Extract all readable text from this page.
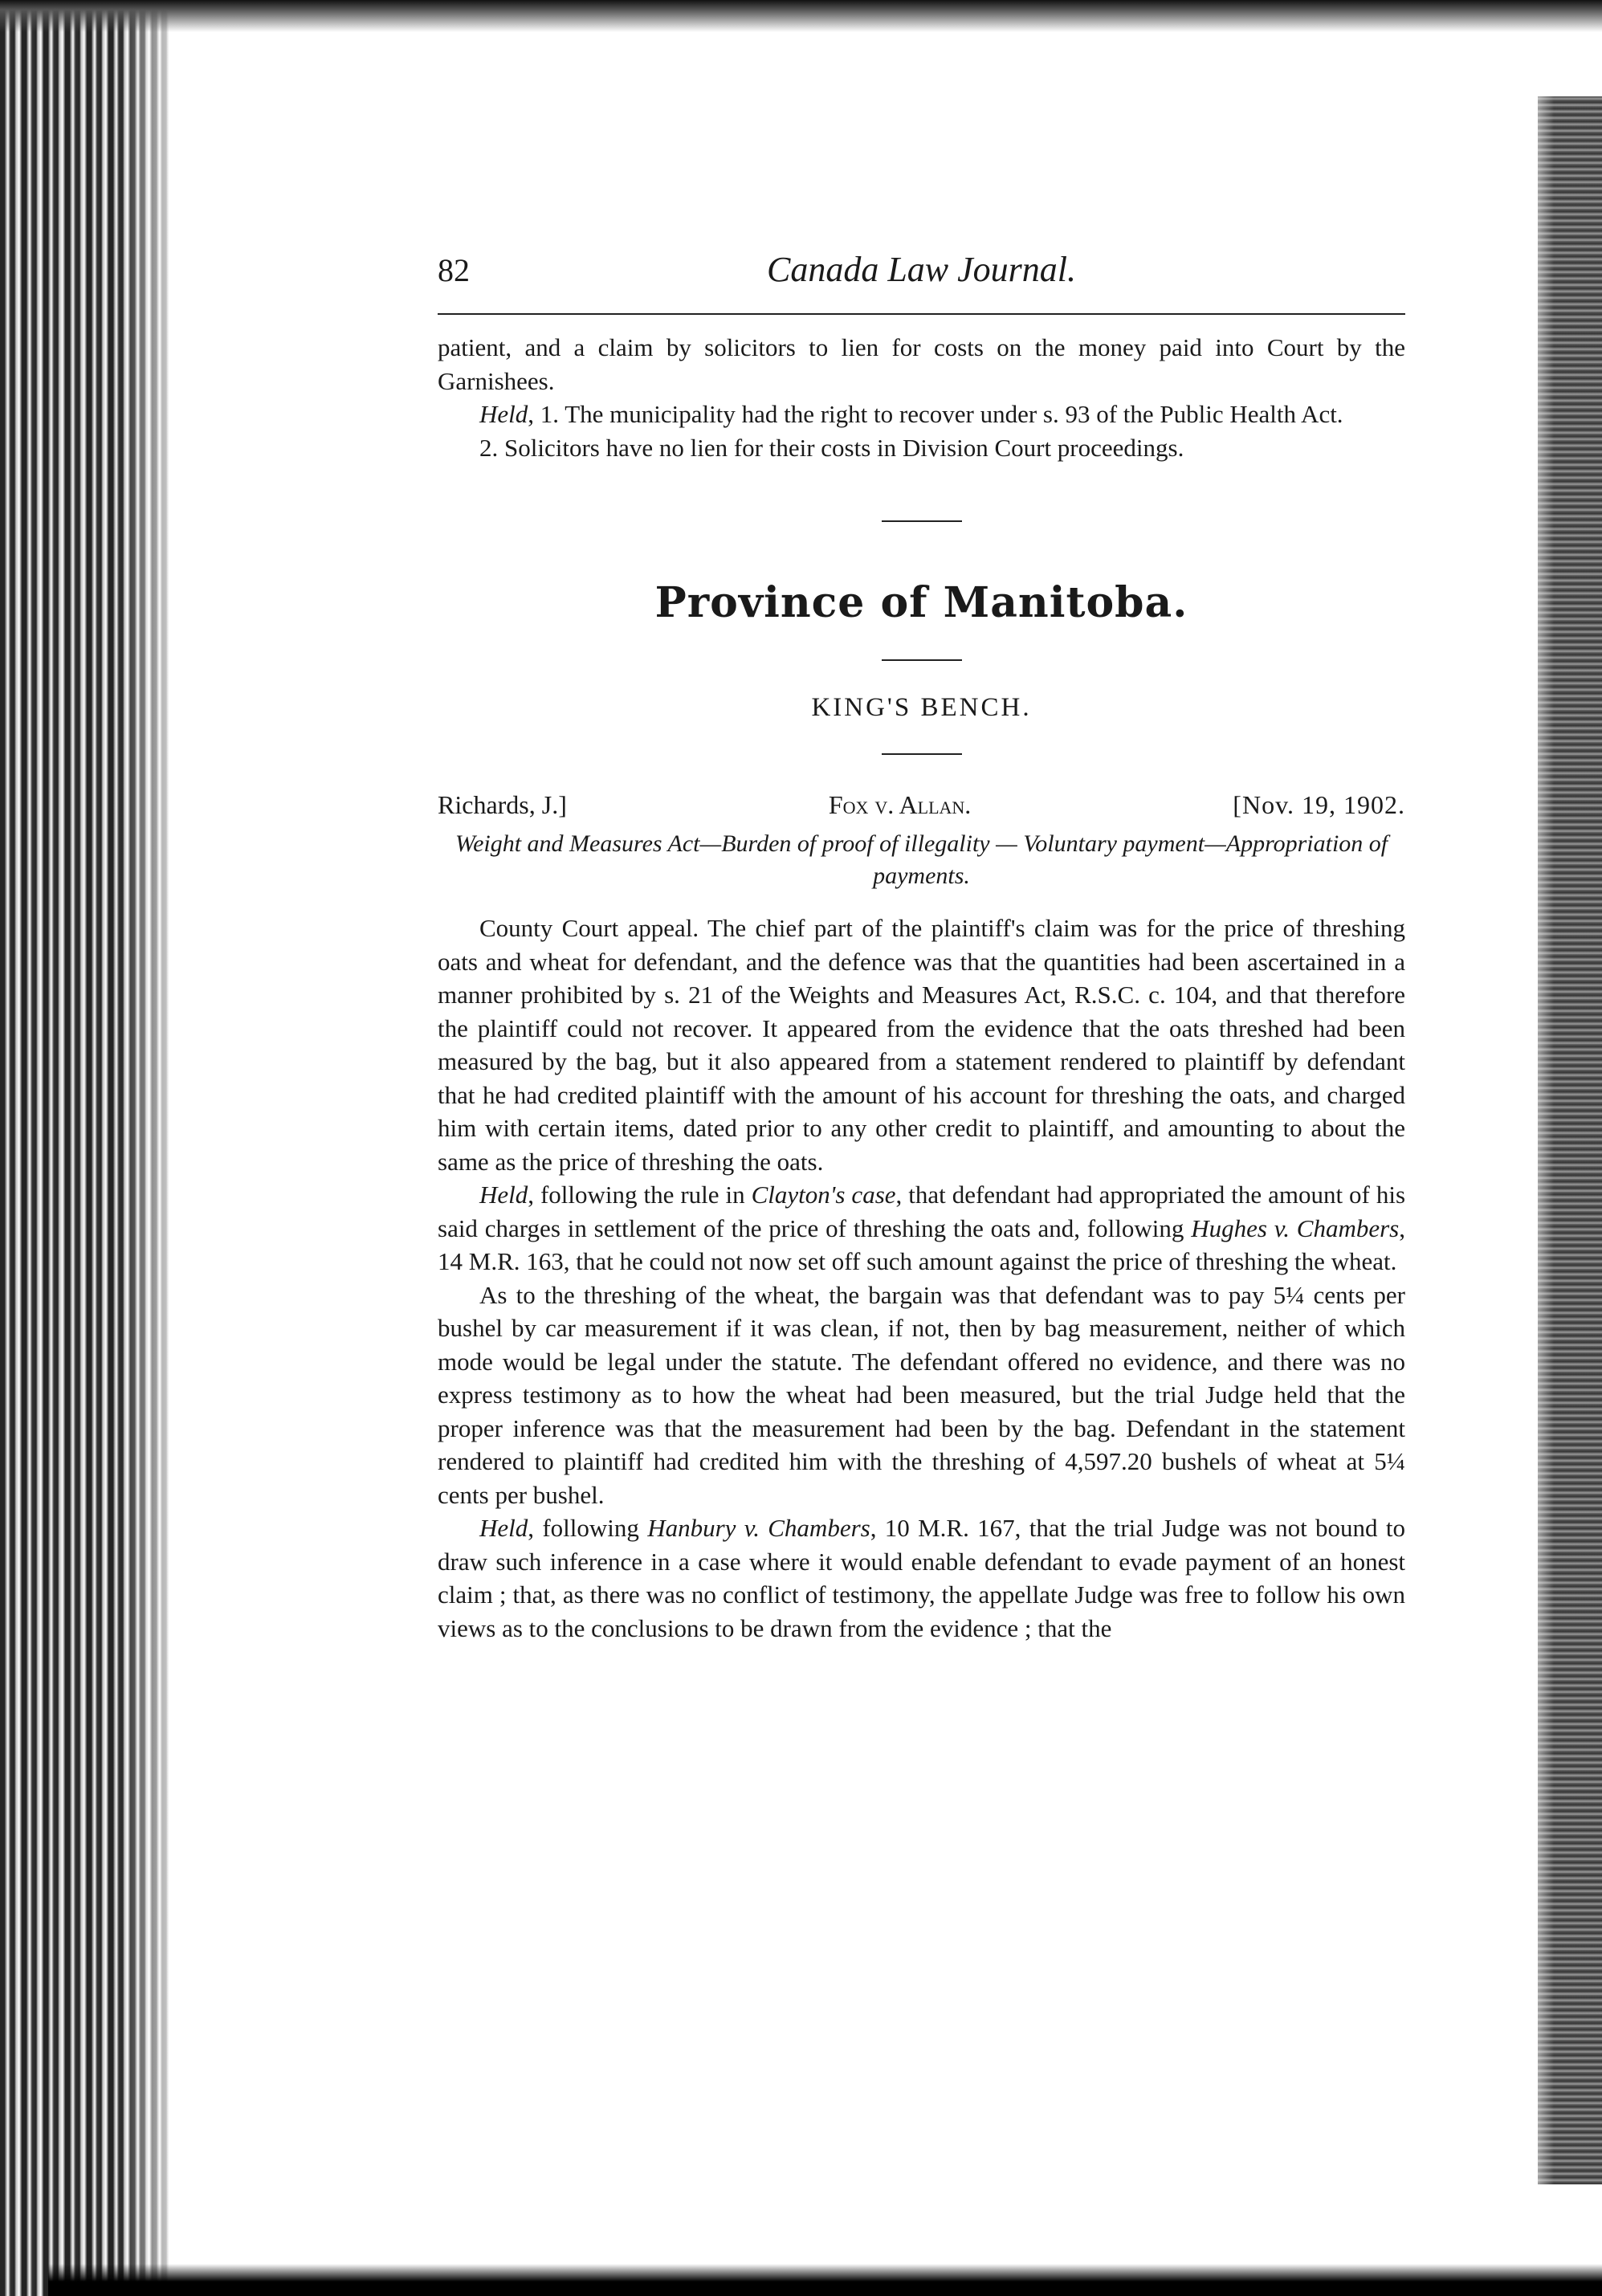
82	Canada Law Journal.

patient, and a claim by solicitors to lien for costs on the money paid into Court by the Garnishees.

Held, 1. The municipality had the right to recover under s. 93 of the Public Health Act.

2. Solicitors have no lien for their costs in Division Court proceedings.

Province of Manitoba.

KING'S BENCH.

Richards, J.]	Fox v. Allan.	[Nov. 19, 1902.

Weight and Measures Act—Burden of proof of illegality — Voluntary payment—Appropriation of payments.

County Court appeal. The chief part of the plaintiff's claim was for the price of threshing oats and wheat for defendant, and the defence was that the quantities had been ascertained in a manner prohibited by s. 21 of the Weights and Measures Act, R.S.C. c. 104, and that therefore the plaintiff could not recover. It appeared from the evidence that the oats threshed had been measured by the bag, but it also appeared from a statement rendered to plaintiff by defendant that he had credited plaintiff with the amount of his account for threshing the oats, and charged him with certain items, dated prior to any other credit to plaintiff, and amounting to about the same as the price of threshing the oats.

Held, following the rule in Clayton's case, that defendant had appropriated the amount of his said charges in settlement of the price of threshing the oats and, following Hughes v. Chambers, 14 M.R. 163, that he could not now set off such amount against the price of threshing the wheat.

As to the threshing of the wheat, the bargain was that defendant was to pay 5¼ cents per bushel by car measurement if it was clean, if not, then by bag measurement, neither of which mode would be legal under the statute. The defendant offered no evidence, and there was no express testimony as to how the wheat had been measured, but the trial Judge held that the proper inference was that the measurement had been by the bag. Defendant in the statement rendered to plaintiff had credited him with the threshing of 4,597.20 bushels of wheat at 5¼ cents per bushel.

Held, following Hanbury v. Chambers, 10 M.R. 167, that the trial Judge was not bound to draw such inference in a case where it would enable defendant to evade payment of an honest claim ; that, as there was no conflict of testimony, the appellate Judge was free to follow his own views as to the conclusions to be drawn from the evidence ; that the
